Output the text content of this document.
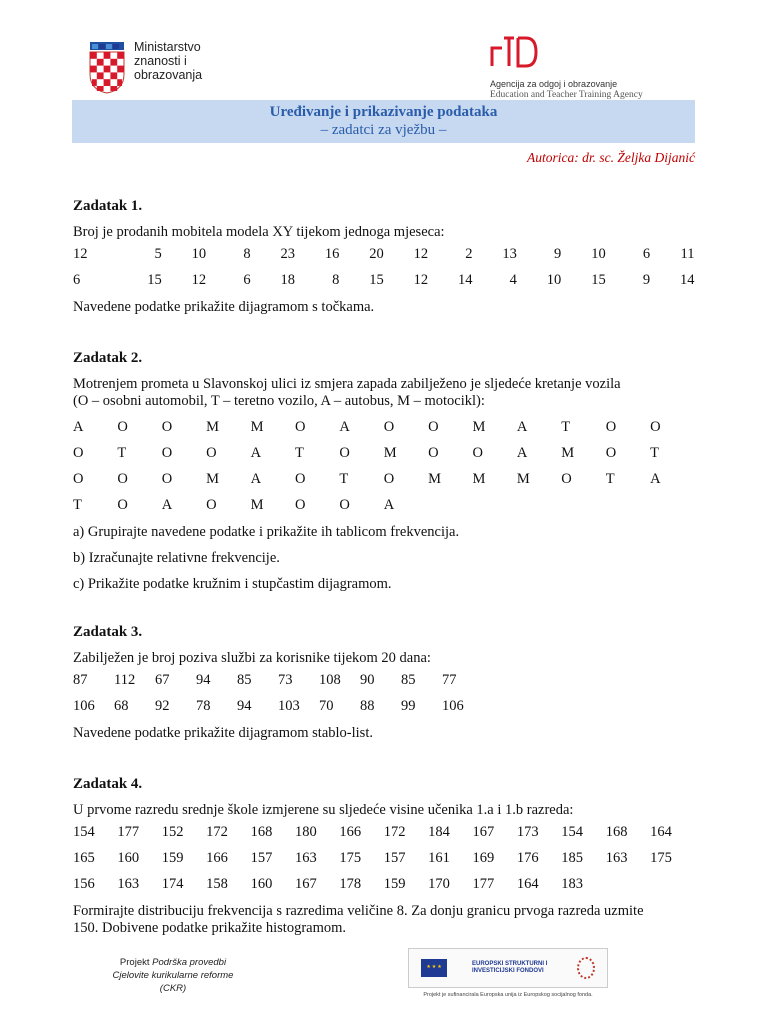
Ministarstvo
znanosti i
obrazovanja
Agencija za odgoj i obrazovanje
Education and Teacher Training Agency
Uređivanje i prikazivanje podataka
– zadatci za vježbu –
Autorica: dr. sc. Željka Dijanić
Zadatak 1.

Broj je prodanih mobitela modela XY tijekom jednoga mjeseca:

12	5	10	8	23	16	20	12	2	13	9	10	6	11
6	15	12	6	18	8	15	12	14	4	10	15	9	14

Navedene podatke prikažite dijagramom s točkama.

Zadatak 2.

Motrenjem prometa u Slavonskoj ulici iz smjera zapada zabilježeno je sljedeće kretanje vozila

(O – osobni automobil, T – teretno vozilo, A – autobus, M – motocikl):

A	O	O	M	M	O	A	O	O	M	A	T	O	O
O	T	O	O	A	T	O	M	O	O	A	M	O	T
O	O	O	M	A	O	T	O	M	M	M	O	T	A
T	O	A	O	M	O	O	A

a) Grupirajte navedene podatke i prikažite ih tablicom frekvencija.

b) Izračunajte relativne frekvencije.

c) Prikažite podatke kružnim i stupčastim dijagramom.

Zadatak 3.

Zabilježen je broj poziva službi za korisnike tijekom 20 dana:

87	112	67	94	85	73	108	90	85	77
106	68	92	78	94	103	70	88	99	106

Navedene podatke prikažite dijagramom stablo-list.

Zadatak 4.

U prvome razredu srednje škole izmjerene su sljedeće visine učenika 1.a i 1.b razreda:

154	177	152	172	168	180	166	172	184	167	173	154	168	164
165	160	159	166	157	163	175	157	161	169	176	185	163	175
156	163	174	158	160	167	178	159	170	177	164	183

Formirajte distribuciju frekvencija s razredima veličine 8. Za donju granicu prvoga razreda uzmite

150. Dobivene podatke prikažite histogramom.

Projekt Podrška provedbi
Cjelovite kurikularne reforme
(CKR)
★★★
EUROPSKI STRUKTURNI I INVESTICIJSKI FONDOVI
Projekt je sufinancirala Europska unija iz Europskog socijalnog fonda.
